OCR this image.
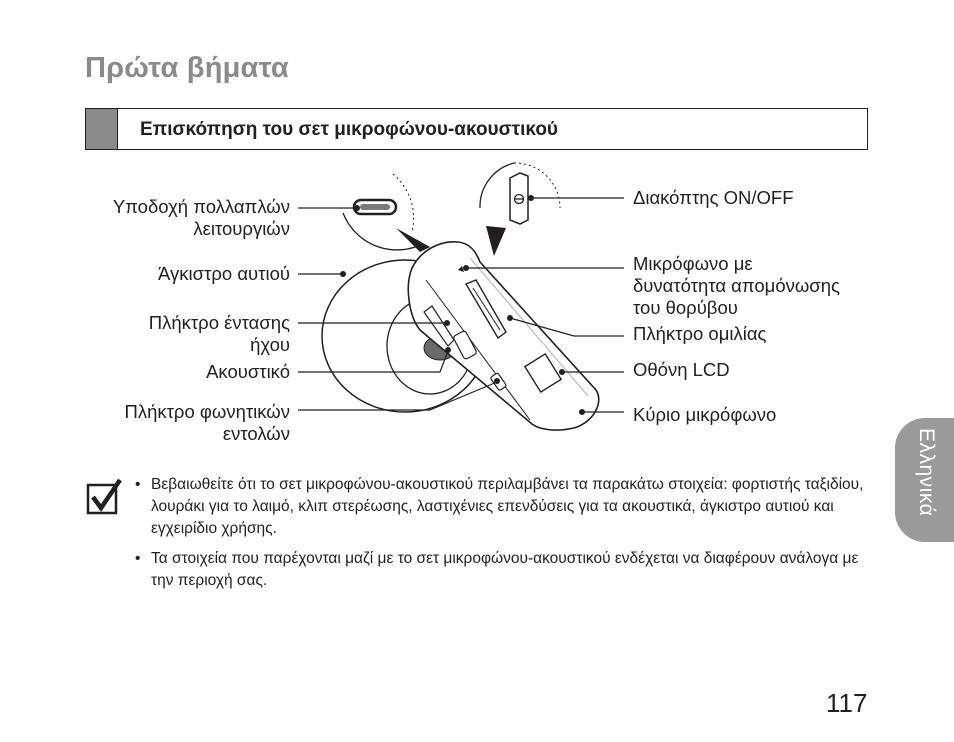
Πρώτα βήματα
Επισκόπηση του σετ μικροφώνου-ακουστικού
Υποδοχή πολλαπλών
λειτουργιών
Άγκιστρο αυτιού
Πλήκτρο έντασης
ήχου
Ακουστικό
Πλήκτρο φωνητικών
εντολών
Διακόπτης ON/OFF
Μικρόφωνο με
δυνατότητα απομόνωσης
του θορύβου
Πλήκτρο ομιλίας
Οθόνη LCD
Κύριο μικρόφωνο
• Βεβαιωθείτε ότι το σετ μικροφώνου-ακουστικού περιλαμβάνει τα παρακάτω στοιχεία: φορτιστής ταξιδίου, λουράκι για το λαιμό, κλιπ στερέωσης, λαστιχένιες επενδύσεις για τα ακουστικά, άγκιστρο αυτιού και εγχειρίδιο χρήσης.
• Τα στοιχεία που παρέχονται μαζί με το σετ μικροφώνου-ακουστικού ενδέχεται να διαφέρουν ανάλογα με την περιοχή σας.
Ελληνικά
117
